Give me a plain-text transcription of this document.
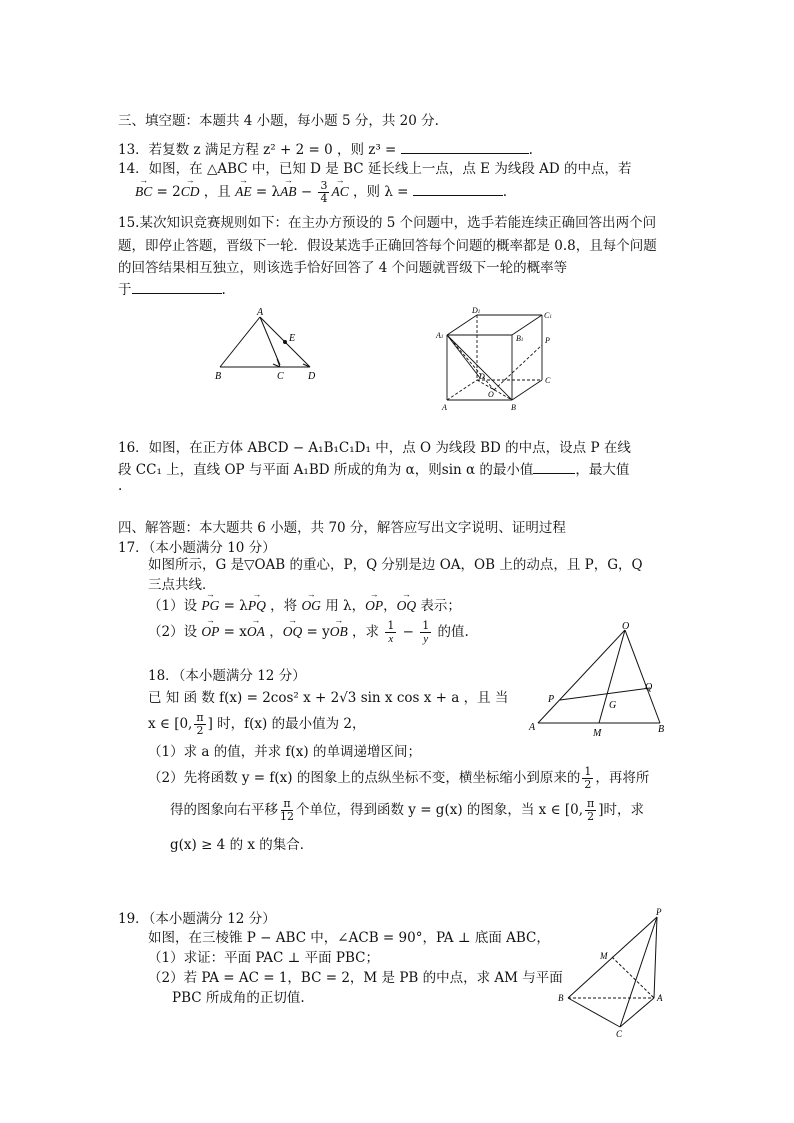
三、填空题：本题共 4 小题，每小题 5 分，共 20 分.
13．若复数 z 满足方程 z² + 2 = 0 ，则 z³ =	.
14．如图，在 △ABC 中，已知 D 是 BC 延长线上一点，点 E 为线段 AD 的中点，若
→ BC = 2→ CD ，且 → AE = λ→ AB − $\frac{3}{4}$
→ AC ，则 λ =	.
15.某次知识竞赛规则如下：在主办方预设的 5 个问题中，选手若能连续正确回答出两个问
题，即停止答题，晋级下一轮．假设某选手正确回答每个问题的概率都是 0.8，且每个问题
的回答结果相互独立，则该选手恰好回答了 4 个问题就晋级下一轮的概率等
于	.
A
E
B	C D
D1	C1
A1	B1	P
D	C
O
A	B
16．如图，在正方体 ABCD − A₁B₁C₁D₁ 中，点 O 为线段 BD 的中点，设点 P 在线
段 CC₁ 上，直线 OP 与平面 A₁BD 所成的角为 α，则sin α 的最小值	，最大值
.
四、解答题：本大题共 6 小题，共 70 分，解答应写出文字说明、证明过程
17．（本小题满分 10 分）
如图所示，G 是▽OAB 的重心，P，Q 分别是边 OA，OB 上的动点，且 P，G，Q
三点共线．
（1）设 → PG = λ→ PQ ，将 → OG 用 λ，→ OP，→ OQ 表示；
（2）设 → OP = x→ OA ，→ OQ = y→ OB ，求 $\frac{1}{x} - \frac{1}{y}$ 的值.	O
P
Q
G
A
M	B
18．（本小题满分 12 分）
已 知 函 数 f(x) = 2cos² x + 2√3 sin x cos x + a ，且 当
x ∈ [0, $\frac{\pi}{2}$ ] 时，f(x) 的最小值为 2，
（1）求 a 的值，并求 f(x) 的单调递增区间；
（2）先将函数 y = f(x) 的图象上的点纵坐标不变，横坐标缩小到原来的 $\frac{1}{2}$ ，再将所
得的图象向右平移 $\frac{\pi}{12}$ 个单位，得到函数 y = g(x) 的图象，当 x ∈ [0, $\frac{\pi}{2}$ ]时，求
g(x) ≥ 4 的 x 的集合．
19．（本小题满分 12 分）
如图，在三棱锥 P − ABC 中，∠ACB = 90°，PA ⊥ 底面 ABC，
（1）求证：平面 PAC ⊥ 平面 PBC；
（2）若 PA = AC = 1，BC = 2，M 是 PB 的中点，求 AM 与平面
PBC 所成角的正切值.
P
M
B	A
C
